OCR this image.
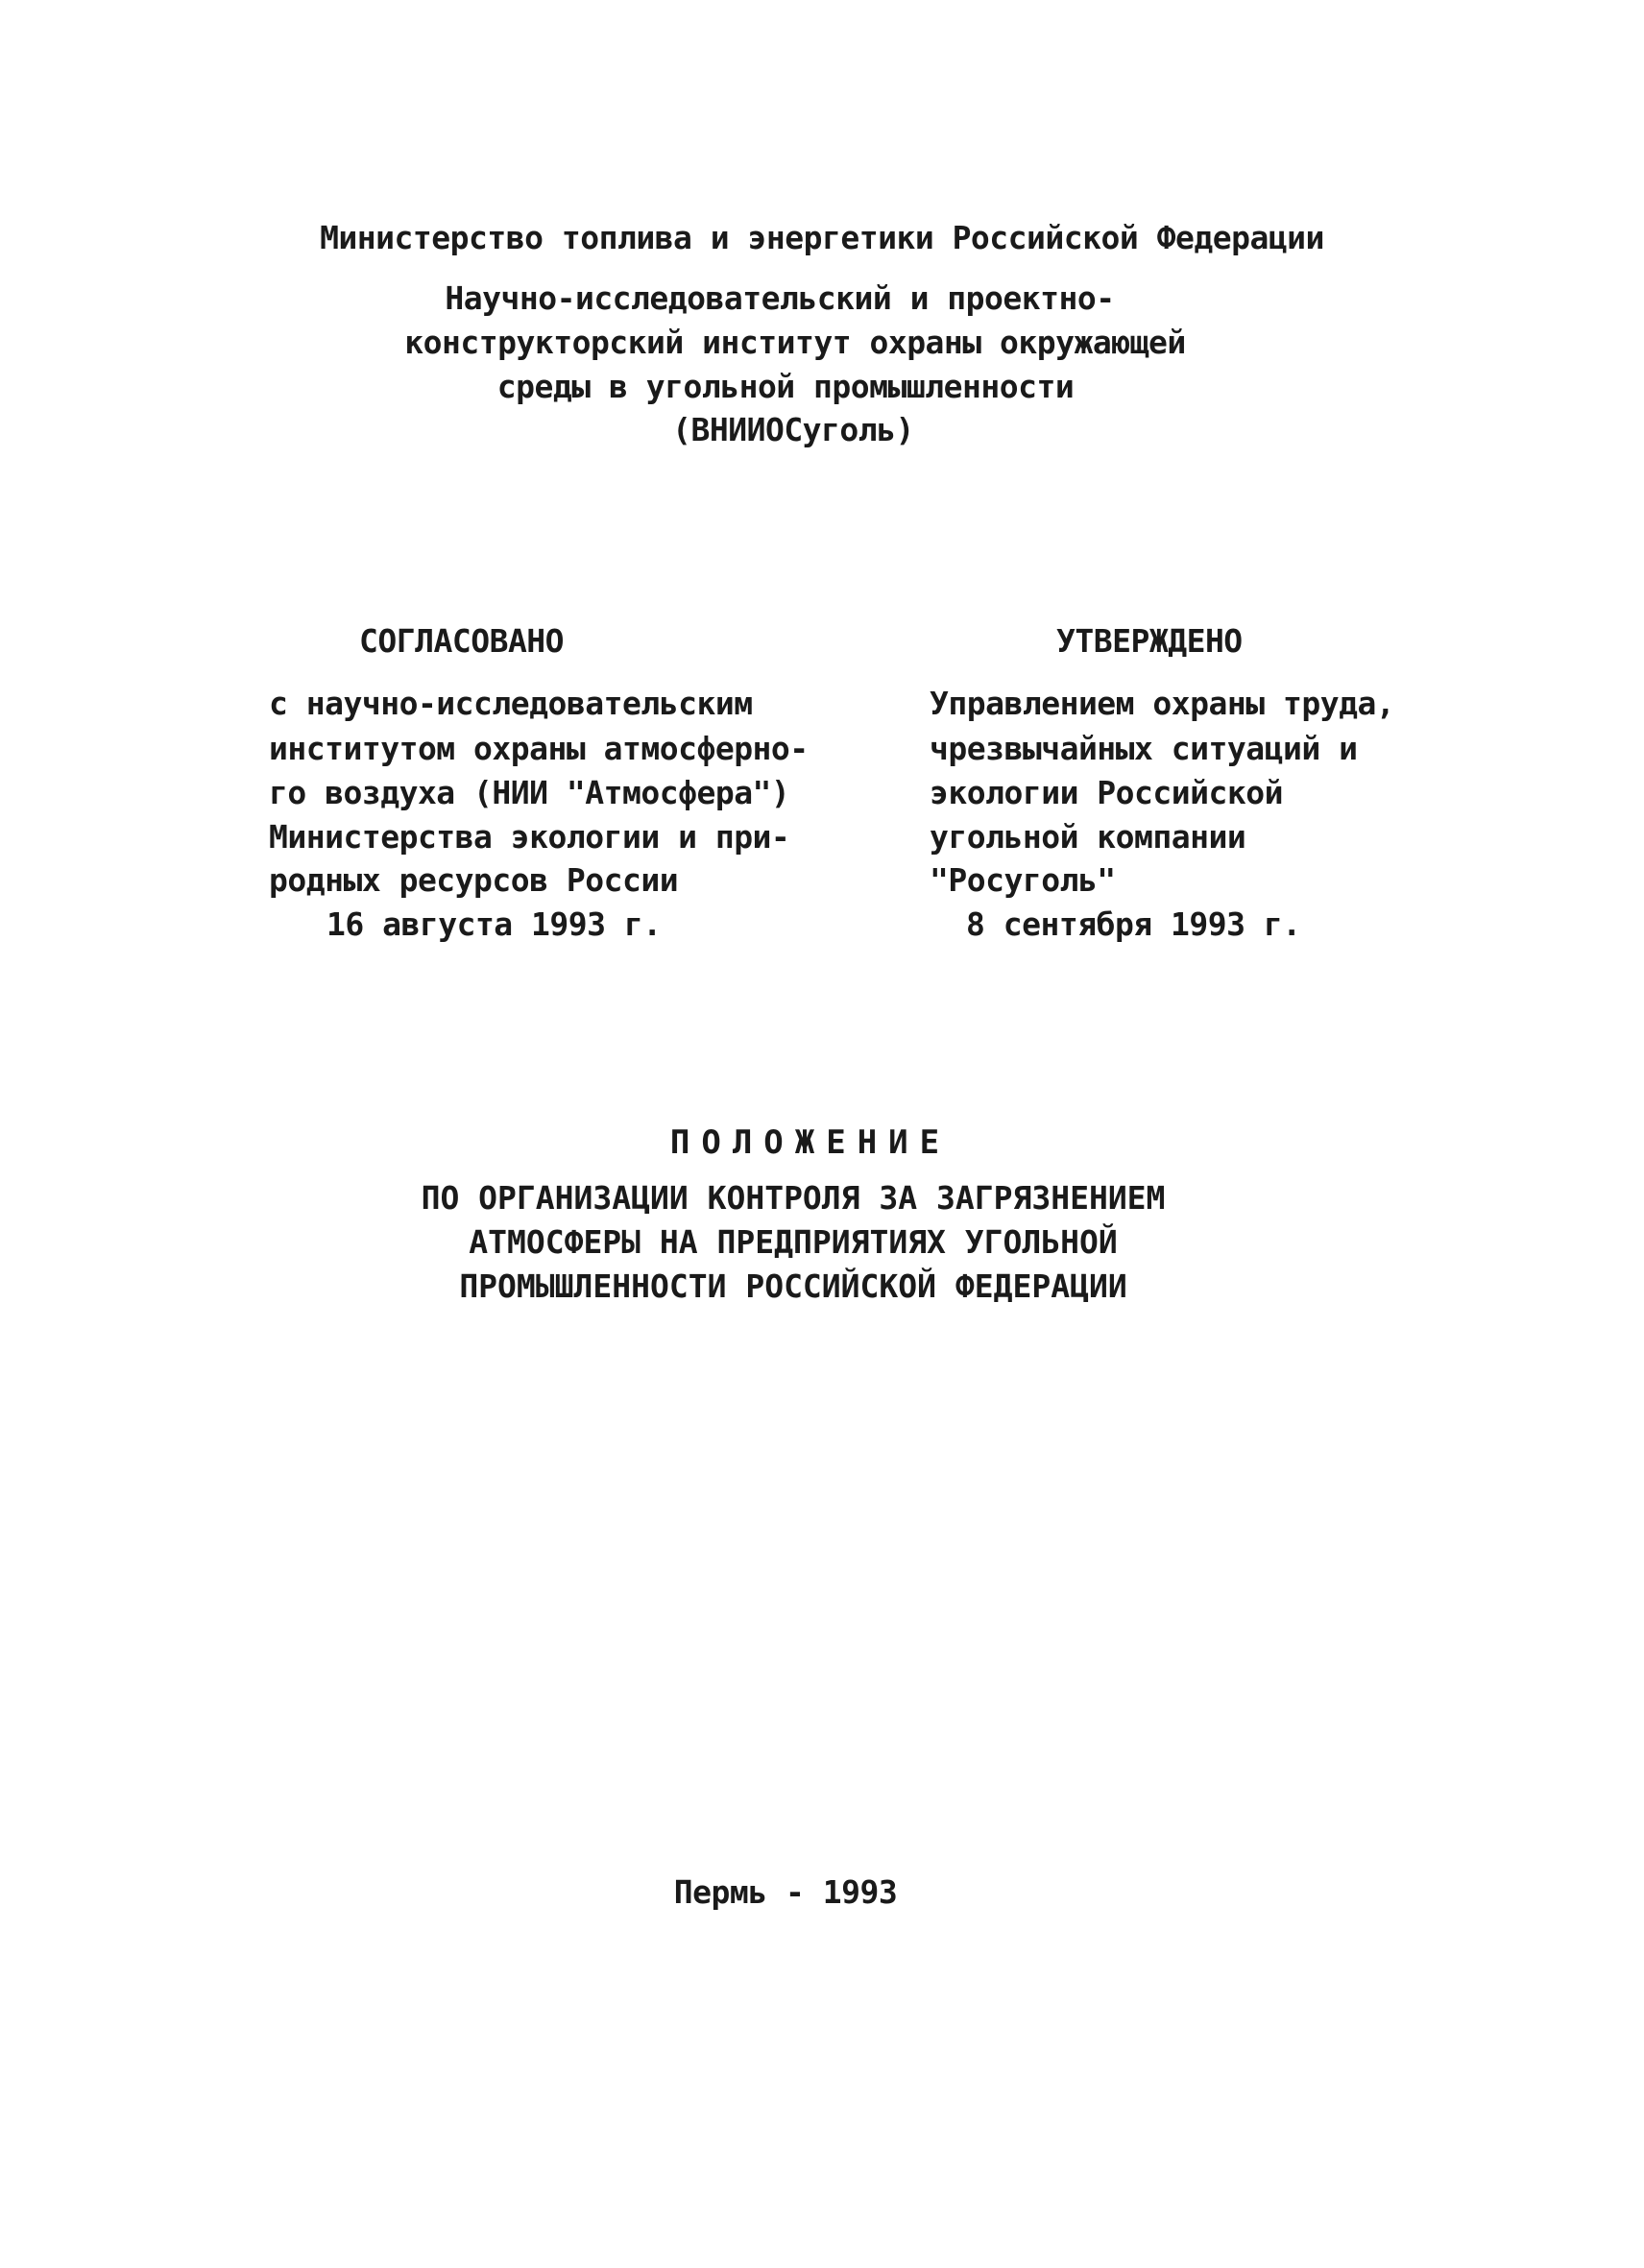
Министерство топлива и энергетики Российской Федерации
Научно-исследовательский и проектно-
конструкторский институт охраны окружающей
среды в угольной промышленности
(ВНИИОСуголь)
СОГЛАСОВАНО
с научно-исследовательским
институтом охраны атмосферно-
го воздуха (НИИ "Атмосфера")
Министерства экологии и при-
родных ресурсов России
16 августа 1993 г.
УТВЕРЖДЕНО
Управлением охраны труда,
чрезвычайных ситуаций и
экологии Российской
угольной компании
"Росуголь"
8 сентября 1993 г.
ПОЛОЖЕНИЕ
ПО ОРГАНИЗАЦИИ КОНТРОЛЯ ЗА ЗАГРЯЗНЕНИЕМ
АТМОСФЕРЫ НА ПРЕДПРИЯТИЯХ УГОЛЬНОЙ
ПРОМЫШЛЕННОСТИ РОССИЙСКОЙ ФЕДЕРАЦИИ
Пермь - 1993
